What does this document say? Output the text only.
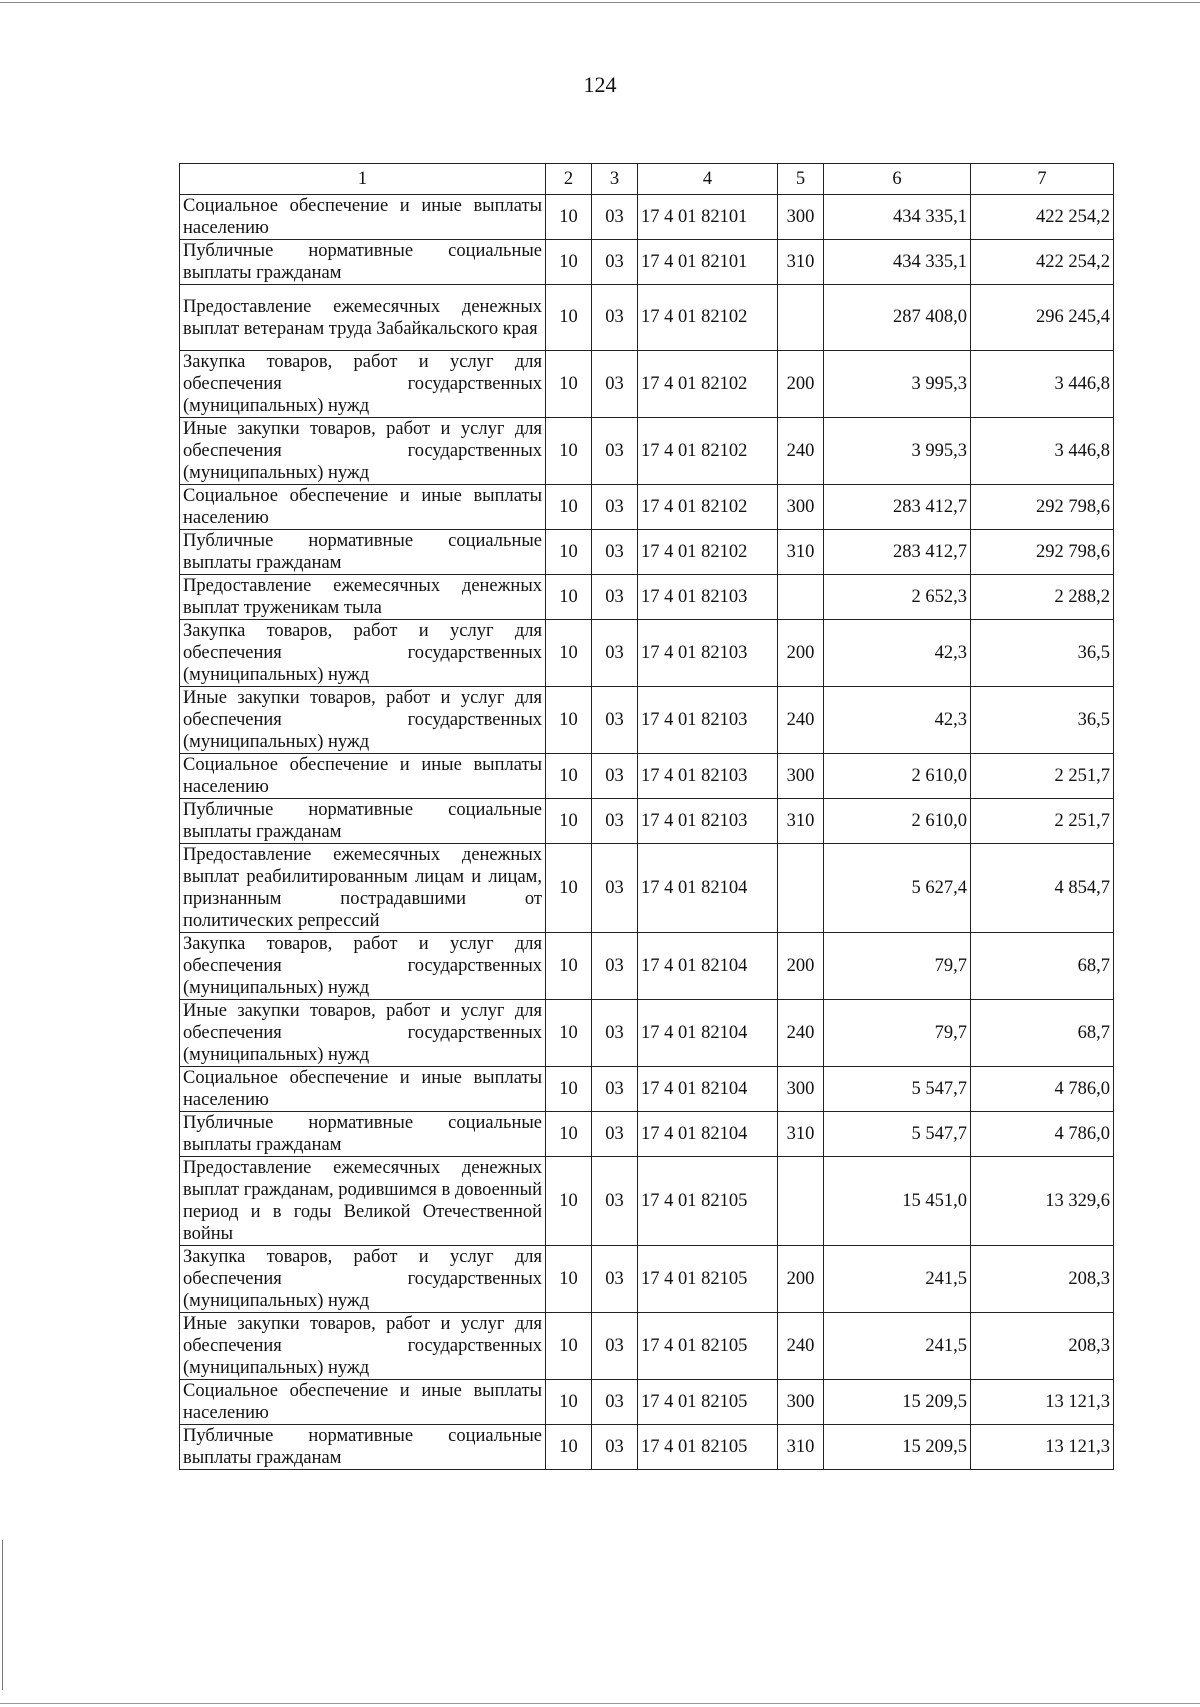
124
1	2	3	4	5	6	7
Социальное обеспечение и иные выплаты населению	10	03	17 4 01 82101	300	434 335,1	422 254,2
Публичные нормативные социальные выплаты гражданам	10	03	17 4 01 82101	310	434 335,1	422 254,2
Предоставление ежемесячных денежных выплат ветеранам труда Забайкальского края	10	03	17 4 01 82102		287 408,0	296 245,4
Закупка товаров, работ и услуг для обеспечения государственных (муниципальных) нужд	10	03	17 4 01 82102	200	3 995,3	3 446,8
Иные закупки товаров, работ и услуг для обеспечения государственных (муниципальных) нужд	10	03	17 4 01 82102	240	3 995,3	3 446,8
Социальное обеспечение и иные выплаты населению	10	03	17 4 01 82102	300	283 412,7	292 798,6
Публичные нормативные социальные выплаты гражданам	10	03	17 4 01 82102	310	283 412,7	292 798,6
Предоставление ежемесячных денежных выплат труженикам тыла	10	03	17 4 01 82103		2 652,3	2 288,2
Закупка товаров, работ и услуг для обеспечения государственных (муниципальных) нужд	10	03	17 4 01 82103	200	42,3	36,5
Иные закупки товаров, работ и услуг для обеспечения государственных (муниципальных) нужд	10	03	17 4 01 82103	240	42,3	36,5
Социальное обеспечение и иные выплаты населению	10	03	17 4 01 82103	300	2 610,0	2 251,7
Публичные нормативные социальные выплаты гражданам	10	03	17 4 01 82103	310	2 610,0	2 251,7
Предоставление ежемесячных денежных выплат реабилитированным лицам и лицам, признанным пострадавшими от политических репрессий	10	03	17 4 01 82104		5 627,4	4 854,7
Закупка товаров, работ и услуг для обеспечения государственных (муниципальных) нужд	10	03	17 4 01 82104	200	79,7	68,7
Иные закупки товаров, работ и услуг для обеспечения государственных (муниципальных) нужд	10	03	17 4 01 82104	240	79,7	68,7
Социальное обеспечение и иные выплаты населению	10	03	17 4 01 82104	300	5 547,7	4 786,0
Публичные нормативные социальные выплаты гражданам	10	03	17 4 01 82104	310	5 547,7	4 786,0
Предоставление ежемесячных денежных выплат гражданам, родившимся в довоенный период и в годы Великой Отечественной войны	10	03	17 4 01 82105		15 451,0	13 329,6
Закупка товаров, работ и услуг для обеспечения государственных (муниципальных) нужд	10	03	17 4 01 82105	200	241,5	208,3
Иные закупки товаров, работ и услуг для обеспечения государственных (муниципальных) нужд	10	03	17 4 01 82105	240	241,5	208,3
Социальное обеспечение и иные выплаты населению	10	03	17 4 01 82105	300	15 209,5	13 121,3
Публичные нормативные социальные выплаты гражданам	10	03	17 4 01 82105	310	15 209,5	13 121,3
